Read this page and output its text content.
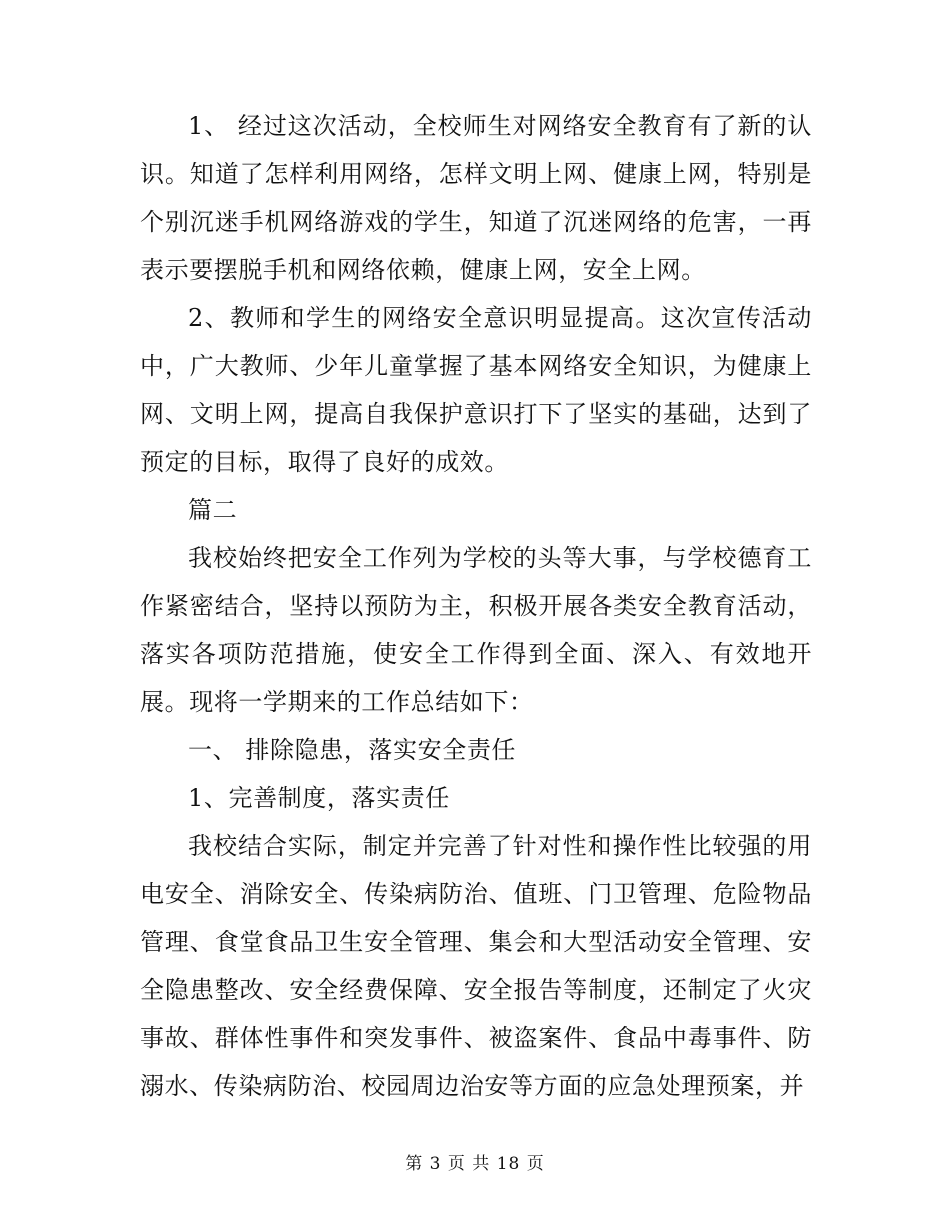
1、 经过这次活动，全校师生对网络安全教育有了新的认识。知道了怎样利用网络，怎样文明上网、健康上网，特别是个别沉迷手机网络游戏的学生，知道了沉迷网络的危害，一再表示要摆脱手机和网络依赖，健康上网，安全上网。

2、教师和学生的网络安全意识明显提高。这次宣传活动中，广大教师、少年儿童掌握了基本网络安全知识，为健康上网、文明上网，提高自我保护意识打下了坚实的基础，达到了预定的目标，取得了良好的成效。

篇二

我校始终把安全工作列为学校的头等大事，与学校德育工作紧密结合，坚持以预防为主，积极开展各类安全教育活动，落实各项防范措施，使安全工作得到全面、深入、有效地开展。现将一学期来的工作总结如下：

一、 排除隐患，落实安全责任

1、完善制度，落实责任

我校结合实际，制定并完善了针对性和操作性比较强的用电安全、消除安全、传染病防治、值班、门卫管理、危险物品管理、食堂食品卫生安全管理、集会和大型活动安全管理、安全隐患整改、安全经费保障、安全报告等制度，还制定了火灾事故、群体性事件和突发事件、被盗案件、食品中毒事件、防溺水、传染病防治、校园周边治安等方面的应急处理预案，并

第 3 页 共 18 页
